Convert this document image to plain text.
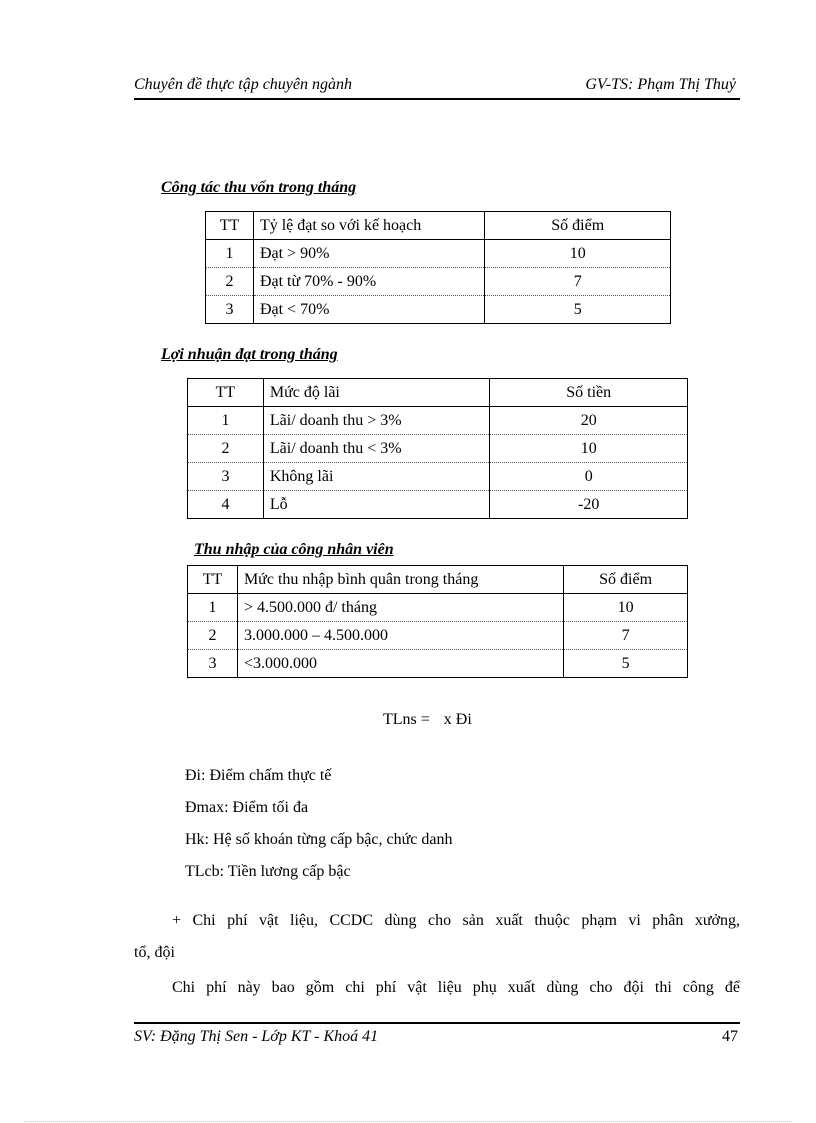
Chuyên đề thực tập chuyên ngành	GV-TS: Phạm Thị Thuỷ
Công tác thu vốn trong tháng
TT	Tỷ lệ đạt so với kế hoạch	Số điểm
1	Đạt > 90%	10
2	Đạt từ 70% - 90%	7
3	Đạt < 70%	5
Lợi nhuận đạt trong tháng
TT	Mức độ lãi	Số tiền
1	Lãi/ doanh thu > 3%	20
2	Lãi/ doanh thu < 3%	10
3	Không lãi	0
4	Lỗ	-20
Thu nhập của công nhân viên
TT	Mức thu nhập bình quân trong tháng	Số điểm
1	> 4.500.000 đ/ tháng	10
2	3.000.000 – 4.500.000	7
3	<3.000.000	5
TLns = x Đi
Đi: Điểm chấm thực tế
Đmax: Điểm tối đa
Hk: Hệ số khoán từng cấp bậc, chức danh
TLcb: Tiền lương cấp bậc
+ Chi phí vật liệu, CCDC dùng cho sản xuất thuộc phạm vi phân xưởng,
tổ, đội
Chi phí này bao gồm chi phí vật liệu phụ xuất dùng cho đội thi công để
SV: Đặng Thị Sen - Lớp KT - Khoá 41	47
